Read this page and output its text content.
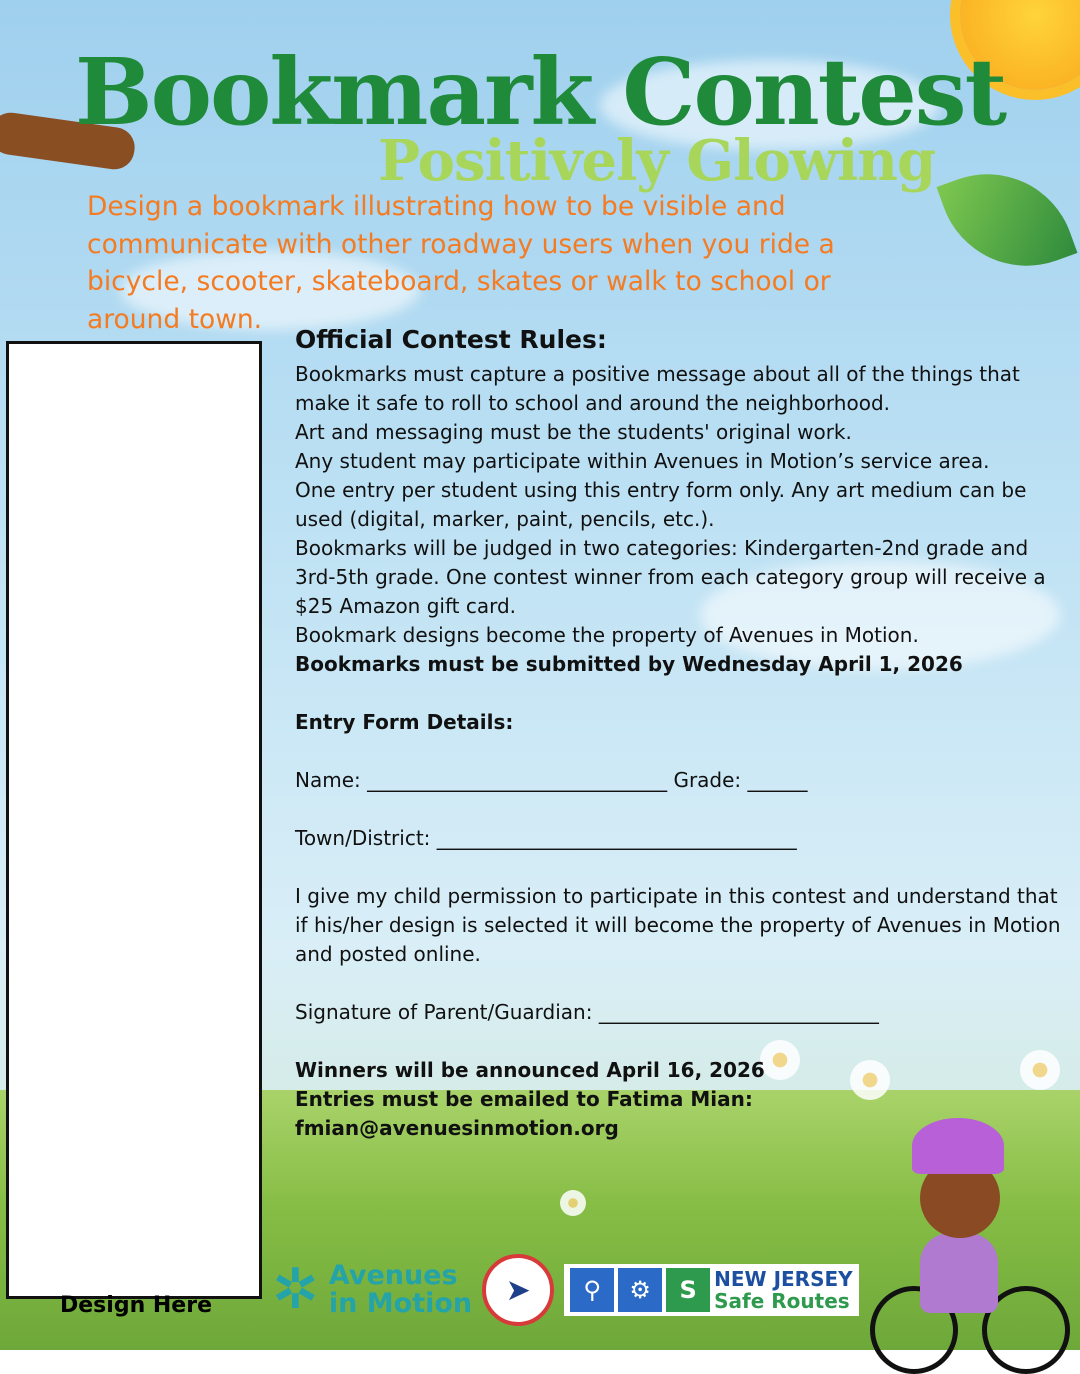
Bookmark Contest
Positively Glowing

Design a bookmark illustrating how to be visible and communicate with other roadway users when you ride a bicycle, scooter, skateboard, skates or walk to school or around town.

Design Here
Official Contest Rules:

Bookmarks must capture a positive message about all of the things that make it safe to roll to school and around the neighborhood.

Art and messaging must be the students' original work.

Any student may participate within Avenues in Motion’s service area.

One entry per student using this entry form only. Any art medium can be used (digital, marker, paint, pencils, etc.).

Bookmarks will be judged in two categories: Kindergarten-2nd grade and 3rd-5th grade. One contest winner from each category group will receive a $25 Amazon gift card.

Bookmark designs become the property of Avenues in Motion.

Bookmarks must be submitted by Wednesday April 1, 2026

Entry Form Details:

Name: ______________________________ Grade: ______

Town/District: ____________________________________

I give my child permission to participate in this contest and understand that if his/her design is selected it will become the property of Avenues in Motion and posted online.

Signature of Parent/Guardian: ____________________________

Winners will be announced April 16, 2026

Entries must be emailed to Fatima Mian: fmian@avenuesinmotion.org

✲ Avenues
in Motion	➤	⚲	⚙	S NEW JERSEY
Safe Routes
